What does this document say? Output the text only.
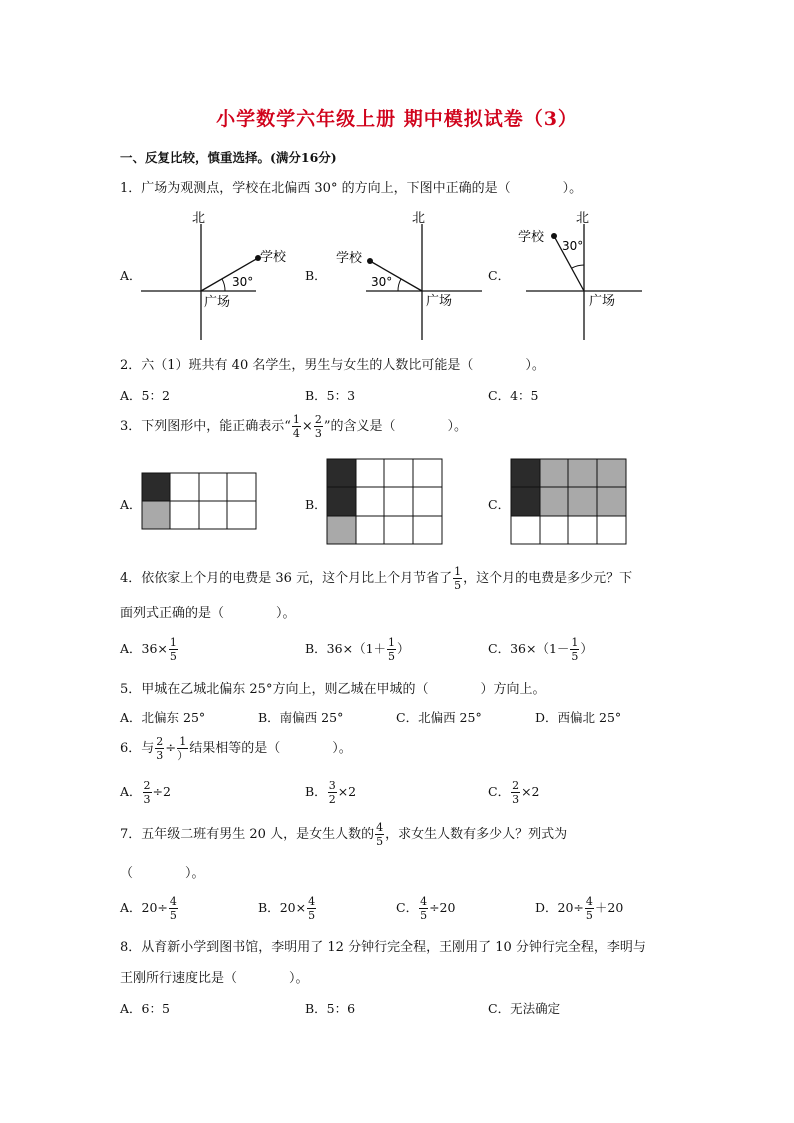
小学数学六年级上册 期中模拟试卷（3）
一、反复比较，慎重选择。(满分16分)
1．广场为观测点，学校在北偏西 30° 的方向上，下图中正确的是（　　　　）。
A．
北
学校
30°
广场
B．
北
学校
30°
广场
C．
北
学校
30°
广场
2．六（1）班共有 40 名学生，男生与女生的人数比可能是（　　　　）。
A．5：2	B．5：3	C．4：5
3．下列图形中，能正确表示“ $\frac{1}{4} \times \frac{2}{3}$ ”的含义是（　　　　）。
A．	B．	C．
4．依依家上个月的电费是 36 元，这个月比上个月节省了 $\frac{1}{5}$ ，这个月的电费是多少元？下
面列式正确的是（　　　　）。
A．$36\times \frac{1}{5}$	B．$36\times(1+ \frac{1}{5}$ ）	C．$36\times(1- \frac{1}{5}$ ）
5．甲城在乙城北偏东 25°方向上，则乙城在甲城的（　　　　）方向上。
A．北偏东 25°	B．南偏西 25°	C．北偏西 25°	D．西偏北 25°
6．与 $\frac{2}{3} \div \frac{1}{)}$ 结果相等的是（　　　　）。
A． $\frac{2}{3} \div 2$	B． $\frac{3}{2} \times 2$	C． $\frac{2}{3} \times 2$
7．五年级二班有男生 20 人，是女生人数的 $\frac{4}{5}$ ，求女生人数有多少人？列式为
（　　　　）。
A．$20\div \frac{4}{5}$	B．$20\times \frac{4}{5}$	C． $\frac{4}{5} \div 20$	D．$20\div \frac{4}{5} +20$
8．从育新小学到图书馆，李明用了 12 分钟行完全程，王刚用了 10 分钟行完全程，李明与
王刚所行速度比是（　　　　）。
A．6：5	B．5：6	C．无法确定
